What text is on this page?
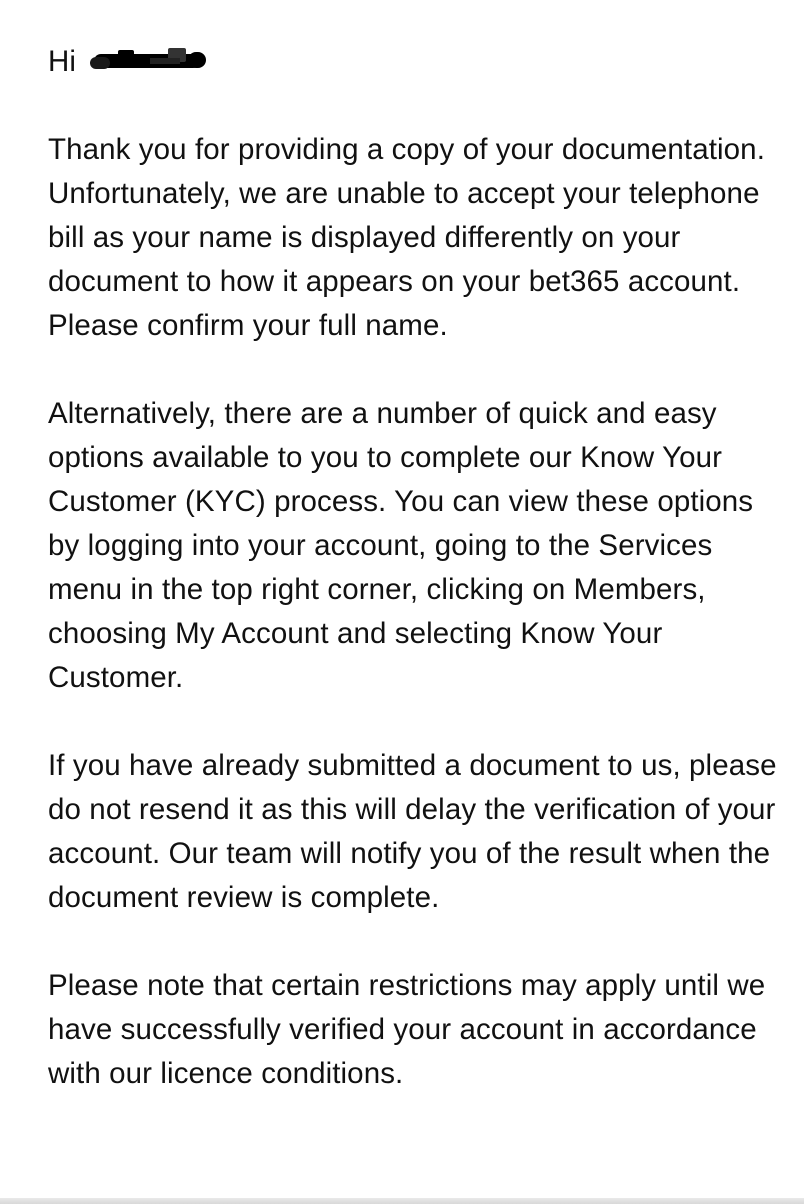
Hi

Thank you for providing a copy of your documentation. Unfortunately, we are unable to accept your telephone bill as your name is displayed differently on your document to how it appears on your bet365 account. Please confirm your full name.

Alternatively, there are a number of quick and easy options available to you to complete our Know Your Customer (KYC) process. You can view these options by logging into your account, going to the Services menu in the top right corner, clicking on Members, choosing My Account and selecting Know Your Customer.

If you have already submitted a document to us, please do not resend it as this will delay the verification of your account. Our team will notify you of the result when the document review is complete.

Please note that certain restrictions may apply until we have successfully verified your account in accordance with our licence conditions.
